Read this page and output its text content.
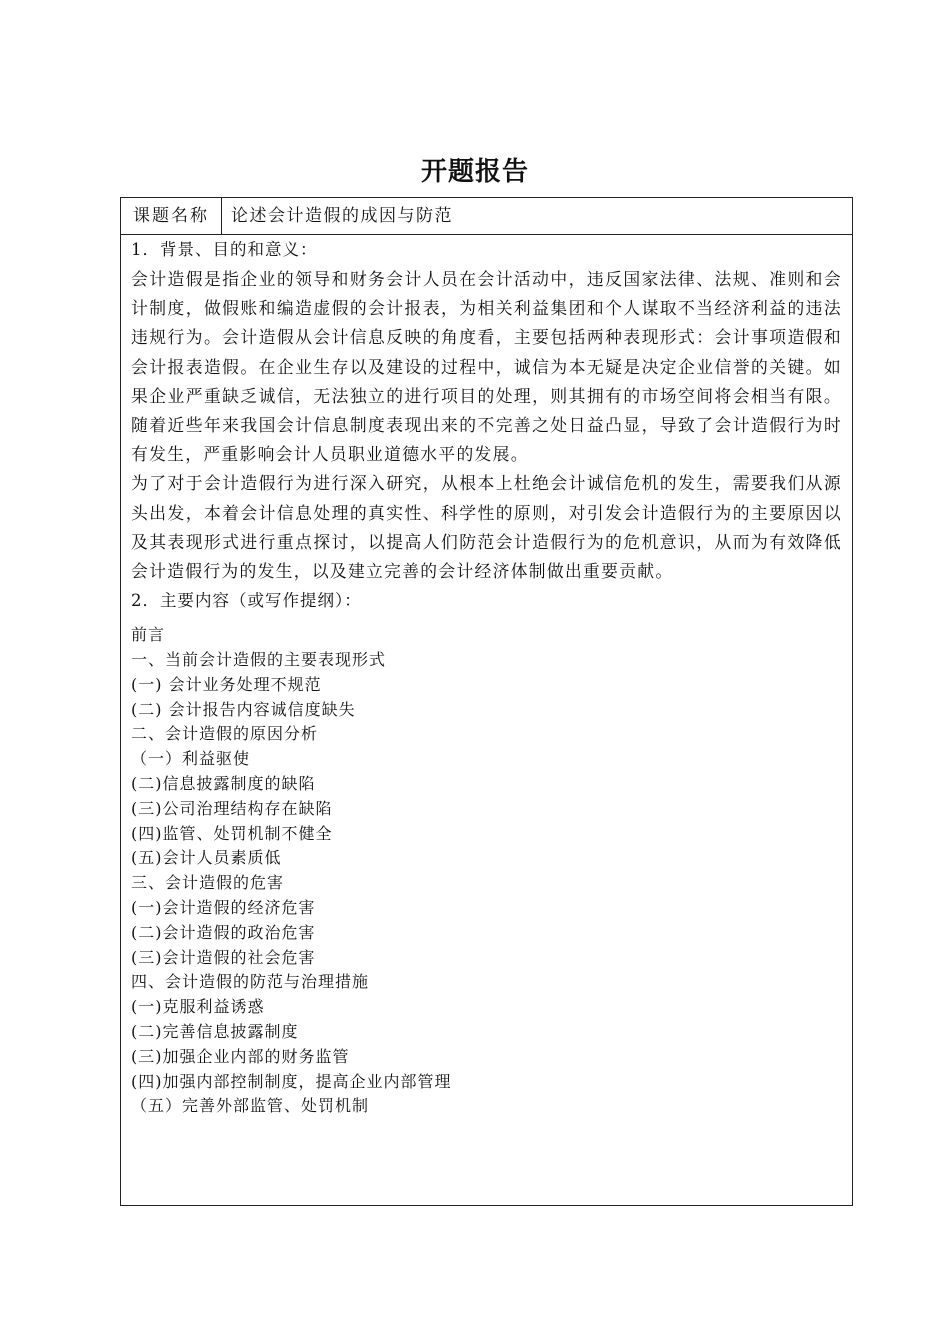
开题报告
课题名称	论述会计造假的成因与防范

1．背景、目的和意义：

会计造假是指企业的领导和财务会计人员在会计活动中，违反国家法律、法规、准则和会计制度，做假账和编造虚假的会计报表，为相关利益集团和个人谋取不当经济利益的违法违规行为。会计造假从会计信息反映的角度看，主要包括两种表现形式：会计事项造假和会计报表造假。在企业生存以及建设的过程中，诚信为本无疑是决定企业信誉的关键。如果企业严重缺乏诚信，无法独立的进行项目的处理，则其拥有的市场空间将会相当有限。随着近些年来我国会计信息制度表现出来的不完善之处日益凸显，导致了会计造假行为时有发生，严重影响会计人员职业道德水平的发展。

为了对于会计造假行为进行深入研究，从根本上杜绝会计诚信危机的发生，需要我们从源头出发，本着会计信息处理的真实性、科学性的原则，对引发会计造假行为的主要原因以及其表现形式进行重点探讨，以提高人们防范会计造假行为的危机意识，从而为有效降低会计造假行为的发生，以及建立完善的会计经济体制做出重要贡献。

2．主要内容（或写作提纲）：

前言
一、当前会计造假的主要表现形式
(一) 会计业务处理不规范
(二) 会计报告内容诚信度缺失
二、会计造假的原因分析
（一）利益驱使
(二)信息披露制度的缺陷
(三)公司治理结构存在缺陷
(四)监管、处罚机制不健全
(五)会计人员素质低
三、会计造假的危害
(一)会计造假的经济危害
(二)会计造假的政治危害
(三)会计造假的社会危害
四、会计造假的防范与治理措施
(一)克服利益诱惑
(二)完善信息披露制度
(三)加强企业内部的财务监管
(四)加强内部控制制度，提高企业内部管理
（五）完善外部监管、处罚机制
